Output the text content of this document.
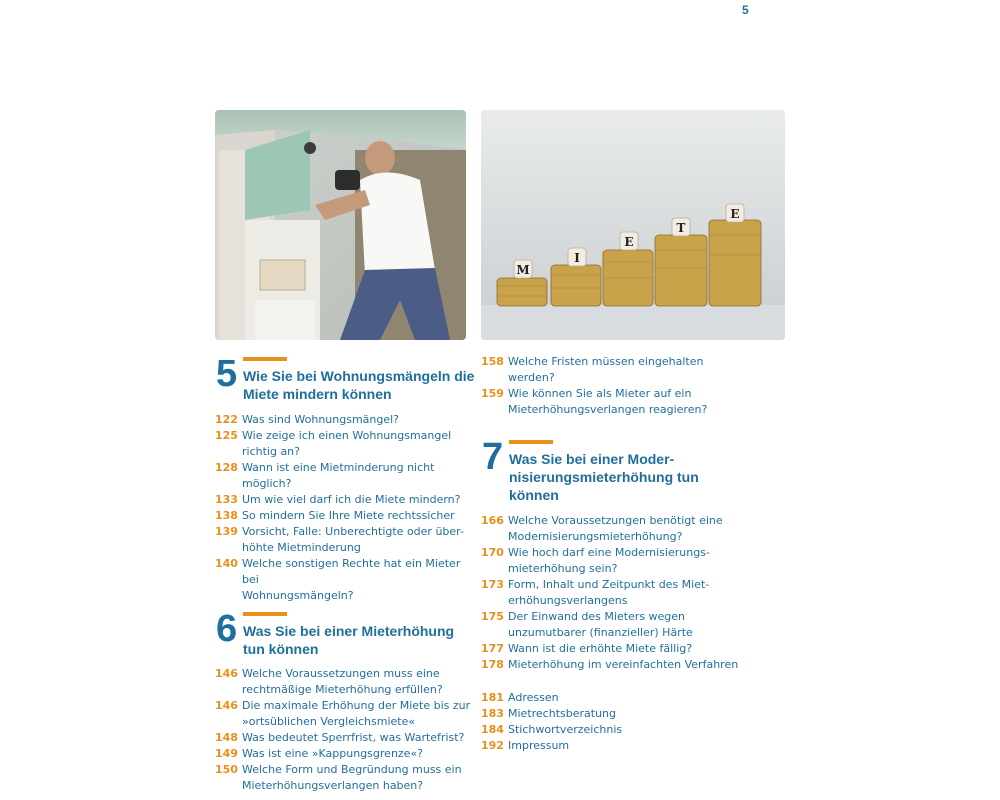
5
M
I
E
T
E
5 Wie Sie bei Wohnungsmängeln die
Miete mindern können
122 Was sind Wohnungsmängel?
125 Wie zeige ich einen Wohnungsmangel
richtig an?
128 Wann ist eine Mietminderung nicht
möglich?
133 Um wie viel darf ich die Miete mindern?
138 So mindern Sie Ihre Miete rechtssicher
139 Vorsicht, Falle: Unberechtigte oder über-
höhte Mietminderung
140 Welche sonstigen Rechte hat ein Mieter bei
Wohnungsmängeln?
6 Was Sie bei einer Mieterhöhung
tun können
146 Welche Voraussetzungen muss eine
rechtmäßige Mieterhöhung erfüllen?
146 Die maximale Erhöhung der Miete bis zur
»ortsüblichen Vergleichsmiete«
148 Was bedeutet Sperrfrist, was Wartefrist?
149 Was ist eine »Kappungsgrenze«?
150 Welche Form und Begründung muss ein
Mieterhöhungsverlangen haben?
158 Welche Fristen müssen eingehalten
werden?
159 Wie können Sie als Mieter auf ein
Mieterhöhungsverlangen reagieren?
7 Was Sie bei einer Moder-
nisierungsmieterhöhung tun
können
166 Welche Voraussetzungen benötigt eine
Modernisierungsmieterhöhung?
170 Wie hoch darf eine Modernisierungs-
mieterhöhung sein?
173 Form, Inhalt und Zeitpunkt des Miet-
erhöhungsverlangens
175 Der Einwand des Mieters wegen
unzumutbarer (finanzieller) Härte
177 Wann ist die erhöhte Miete fällig?
178 Mieterhöhung im vereinfachten Verfahren
181 Adressen
183 Mietrechtsberatung
184 Stichwortverzeichnis
192 Impressum
